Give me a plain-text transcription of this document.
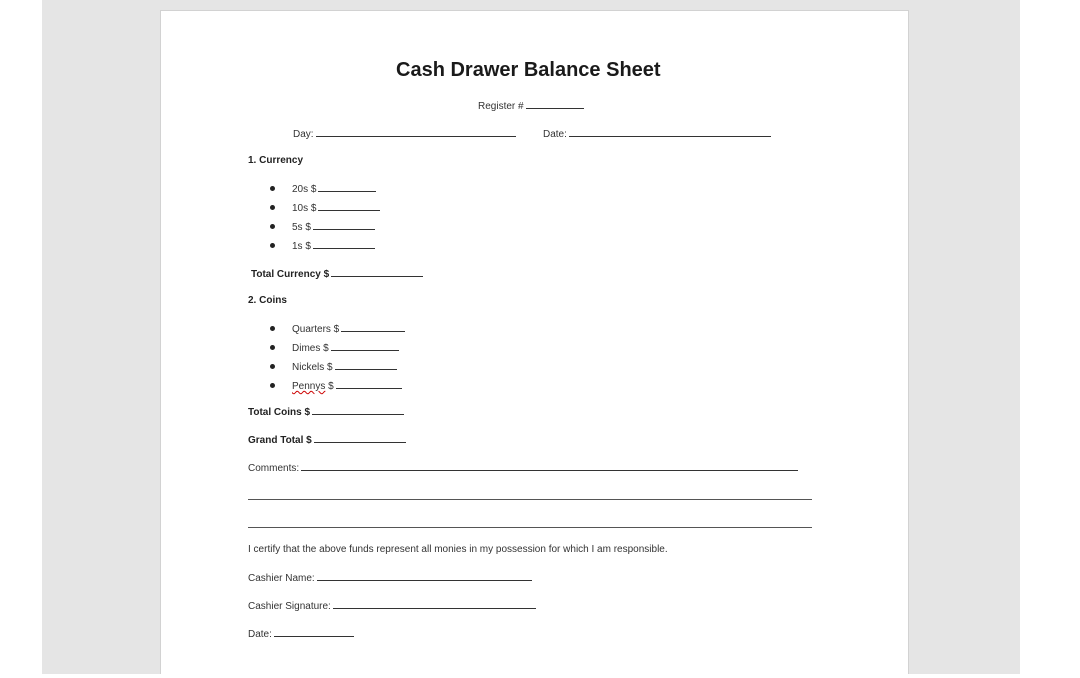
Cash Drawer Balance Sheet
Register #
Day:	Date:
1. Currency
20s $
10s $
5s $
1s $
Total Currency $
2. Coins
Quarters $
Dimes $
Nickels $
Pennys $
Total Coins $
Grand Total $
Comments:
I certify that the above funds represent all monies in my possession for which I am responsible.
Cashier Name:
Cashier Signature:
Date:
